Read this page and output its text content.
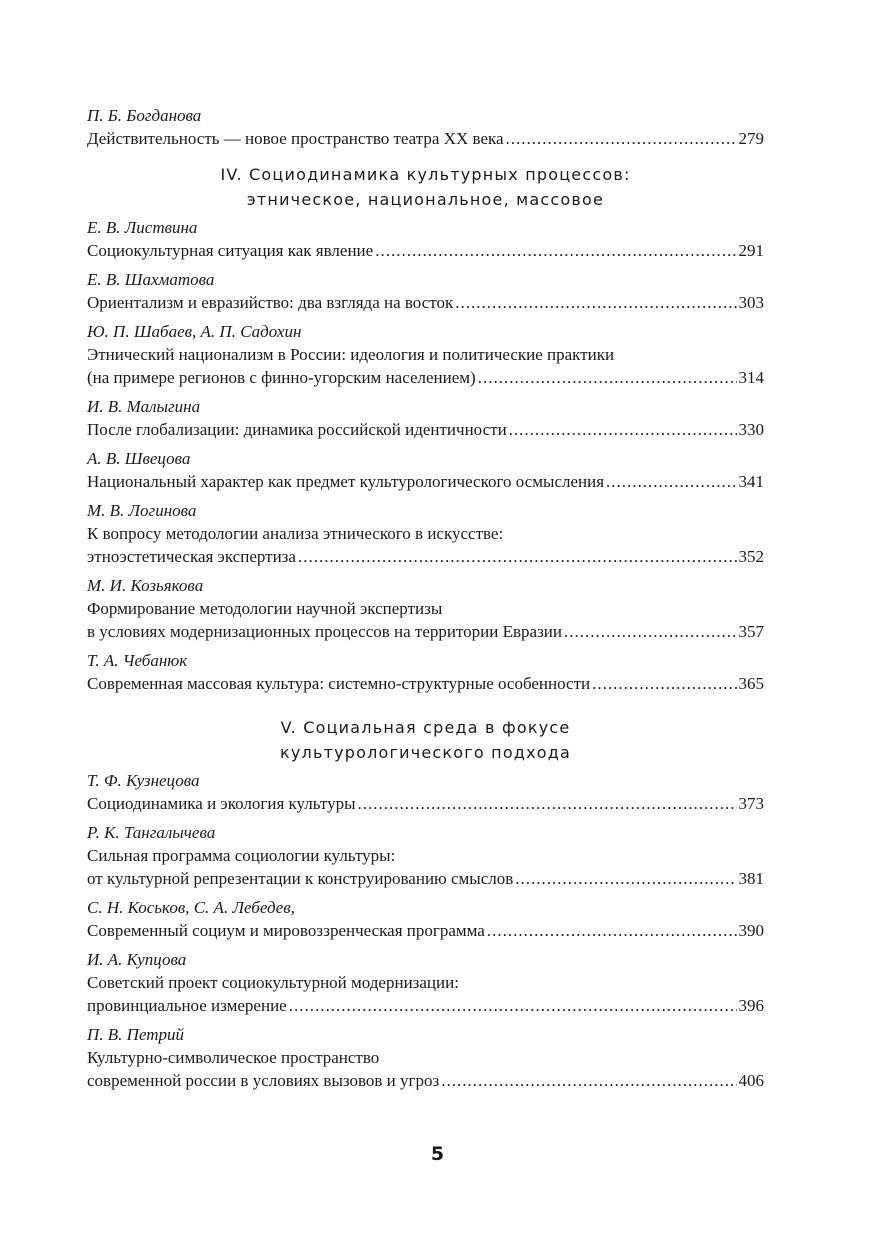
П. Б. Богданова
Действительность — новое пространство театра XX века .....	279
IV. Социодинамика культурных процессов:
этническое, национальное, массовое
Е. В. Листвина
Социокультурная ситуация как явление .....	291
Е. В. Шахматова
Ориентализм и евразийство: два взгляда на восток .....	303
Ю. П. Шабаев, А. П. Садохин
Этнический национализм в России: идеология и политические практики
(на примере регионов с финно-угорским населением) .....	314
И. В. Малыгина
После глобализации: динамика российской идентичности .....	330
А. В. Швецова
Национальный характер как предмет культурологического осмысления .....	341
М. В. Логинова
К вопросу методологии анализа этнического в искусстве:
этноэстетическая экспертиза .....	352
М. И. Козьякова
Формирование методологии научной экспертизы
в условиях модернизационных процессов на территории Евразии .....	357
Т. А. Чебанюк
Современная массовая культура: системно-структурные особенности .....	365
V. Социальная среда в фокусе
культурологического подхода
Т. Ф. Кузнецова
Социодинамика и экология культуры .....	373
Р. К. Тангалычева
Сильная программа социологии культуры:
от культурной репрезентации к конструированию смыслов .....	381
С. Н. Коськов, С. А. Лебедев,
Современный социум и мировоззренческая программа .....	390
И. А. Купцова
Советский проект социокультурной модернизации:
провинциальное измерение .....	396
П. В. Петрий
Культурно-символическое пространство
современной россии в условиях вызовов и угроз .....	406
5
